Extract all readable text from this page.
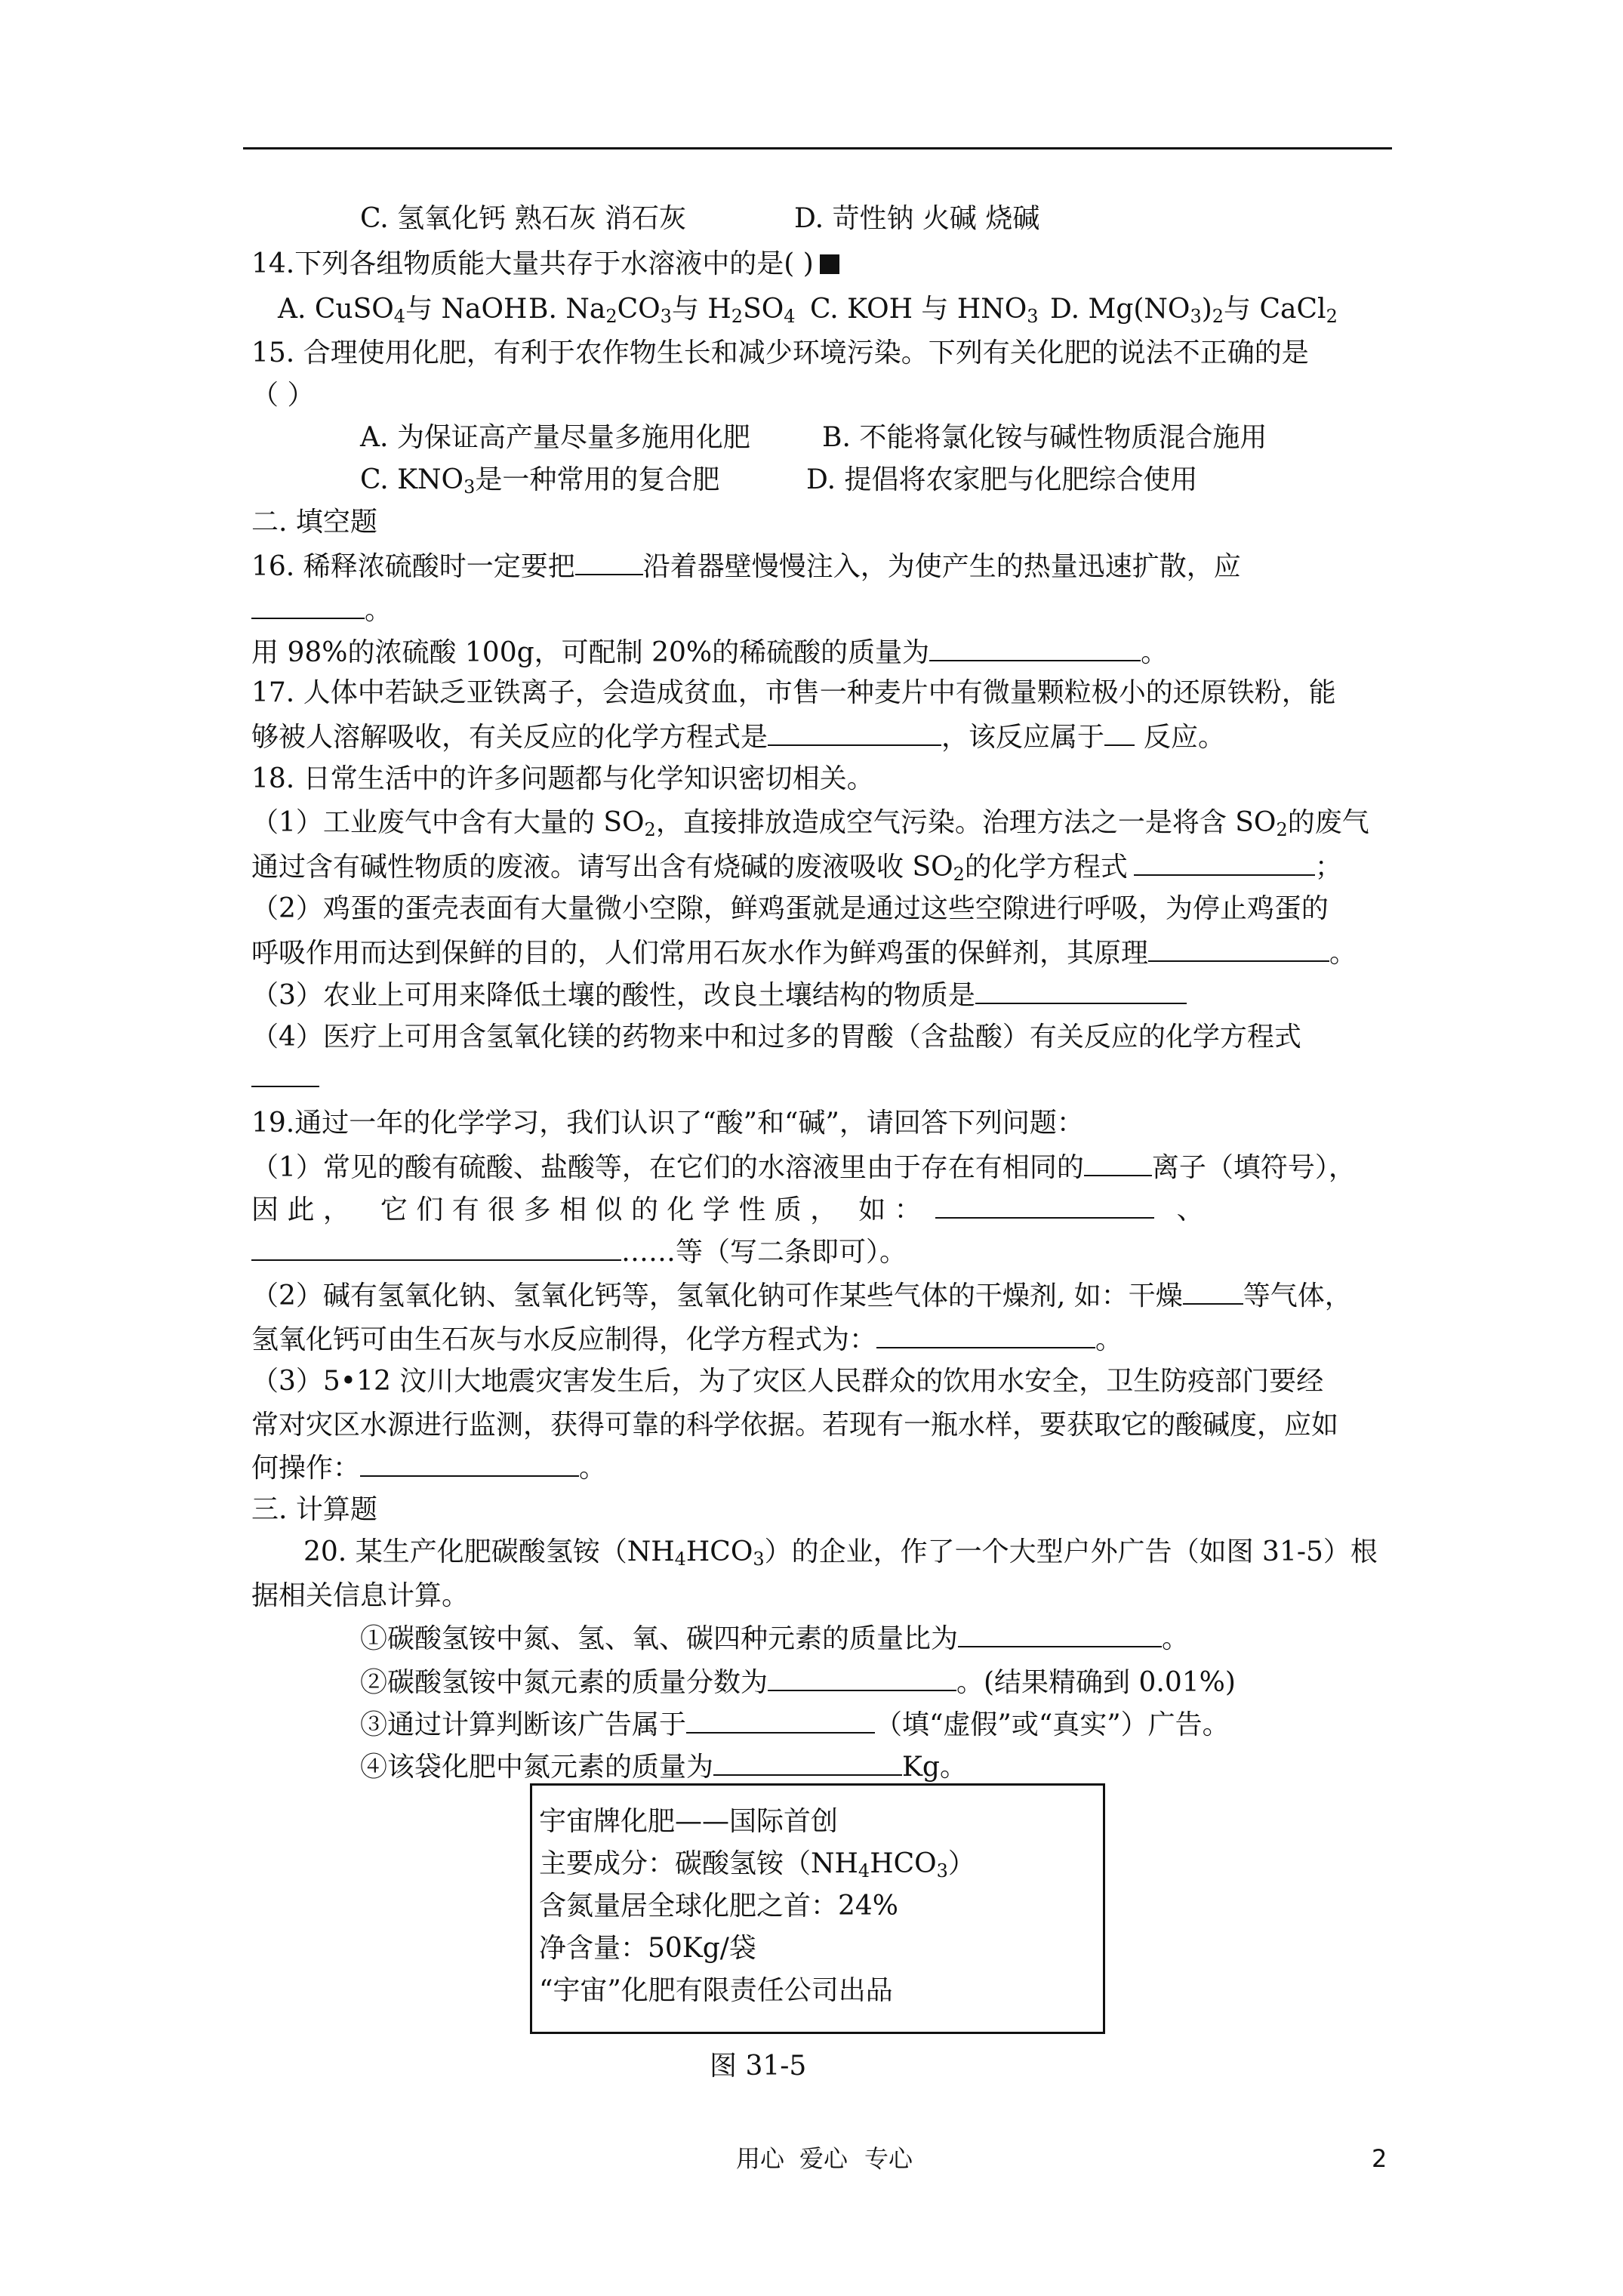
C. 氢氧化钙 熟石灰 消石灰	D. 苛性钠 火碱 烧碱
14.下列各组物质能大量共存于水溶液中的是( )
A. CuSO$_4$与 NaOH B. $Na_2CO_3$与 $H_2SO_4$ C. KOH 与 $HNO_3$ D. $Mg(NO_3)_2$与 CaCl$_2$
15. 合理使用化肥，有利于农作物生长和减少环境污染。下列有关化肥的说法不正确的是
（ ）
A. 为保证高产量尽量多施用化肥	B. 不能将氯化铵与碱性物质混合施用
C. $KNO_3$是一种常用的复合肥	D. 提倡将农家肥与化肥综合使用
二. 填空题
16. 稀释浓硫酸时一定要把	沿着器壁慢慢注入，为使产生的热量迅速扩散，应
。
用 98%的浓硫酸 100g，可配制 20%的稀硫酸的质量为	。
17. 人体中若缺乏亚铁离子，会造成贫血，市售一种麦片中有微量颗粒极小的还原铁粉，能
够被人溶解吸收，有关反应的化学方程式是	，该反应属于 反应。
18. 日常生活中的许多问题都与化学知识密切相关。
（1）工业废气中含有大量的 $SO_2$，直接排放造成空气污染。治理方法之一是将含 $SO_2$的废气
通过含有碱性物质的废液。请写出含有烧碱的废液吸收 $SO_2$的化学方程式	；
（2）鸡蛋的蛋壳表面有大量微小空隙，鲜鸡蛋就是通过这些空隙进行呼吸，为停止鸡蛋的
呼吸作用而达到保鲜的目的，人们常用石灰水作为鲜鸡蛋的保鲜剂，其原理	。
（3）农业上可用来降低土壤的酸性，改良土壤结构的物质是
（4）医疗上可用含氢氧化镁的药物来中和过多的胃酸（含盐酸）有关反应的化学方程式
19.通过一年的化学学习，我们认识了“酸”和“碱”，请回答下列问题：
（1）常见的酸有硫酸、盐酸等，在它们的水溶液里由于存在有相同的	离子（填符号），
因 此 ， 它 们 有 很 多 相 似 的 化 学 性 质 ， 如 ：	、
……等（写二条即可）。
（2）碱有氢氧化钠、氢氧化钙等，氢氧化钠可作某些气体的干燥剂, 如：干燥 等气体，
氢氧化钙可由生石灰与水反应制得，化学方程式为：	。
（3）5•12 汶川大地震灾害发生后，为了灾区人民群众的饮用水安全，卫生防疫部门要经
常对灾区水源进行监测，获得可靠的科学依据。若现有一瓶水样，要获取它的酸碱度，应如
何操作：	。
三. 计算题
20. 某生产化肥碳酸氢铵$(NH_4HCO_3)$的企业，作了一个大型户外广告（如图 31-5）根
据相关信息计算。
①碳酸氢铵中氮、氢、氧、碳四种元素的质量比为	。
②碳酸氢铵中氮元素的质量分数为	。(结果精确到 0.01%)
③通过计算判断该广告属于	（填“虚假”或“真实”）广告。
④该袋化肥中氮元素的质量为	Kg。
宇宙牌化肥——国际首创
主要成分：碳酸氢铵$(NH_4HCO_3)$
含氮量居全球化肥之首：24%
净含量：50Kg/袋
“宇宙”化肥有限责任公司出品
图 31-5
用心 爱心 专心	2
